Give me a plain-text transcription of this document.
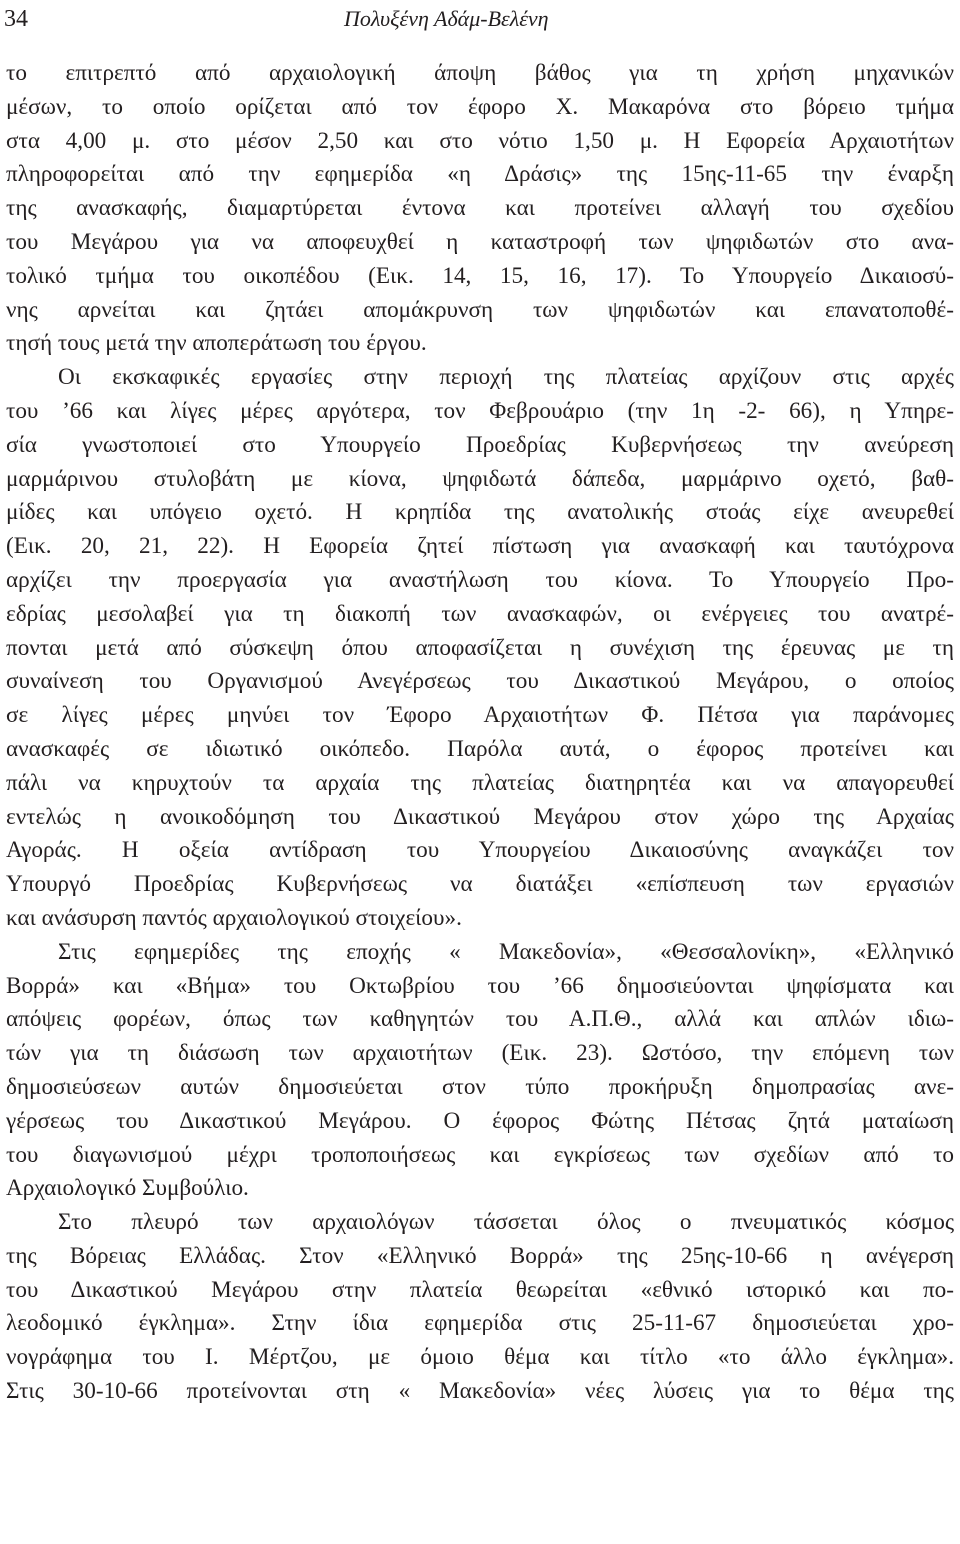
34	Πολυξένη Αδάμ-Βελένη
το επιτρεπτό από αρχαιολογική άποψη βάθος για τη χρήση μηχανικών
μέσων, το οποίο ορίζεται από τον έφορο Χ. Μακαρόνα στο βόρειο τμήμα
στα 4,00 μ. στο μέσον 2,50 και στο νότιο 1,50 μ. Η Εφορεία Αρχαιοτήτων
πληροφορείται από την εφημερίδα «η Δράσις» της 15ης-11-65 την έναρξη
της ανασκαφής, διαμαρτύρεται έντονα και προτείνει αλλαγή του σχεδίου
του Μεγάρου για να αποφευχθεί η καταστροφή των ψηφιδωτών στο ανα-
τολικό τμήμα του οικοπέδου (Εικ. 14, 15, 16, 17). Το Υπουργείο Δικαιοσύ-
νης αρνείται και ζητάει απομάκρυνση των ψηφιδωτών και επανατοποθέ-
τησή τους μετά την αποπεράτωση του έργου.
Οι εκσκαφικές εργασίες στην περιοχή της πλατείας αρχίζουν στις αρχές
του ’66 και λίγες μέρες αργότερα, τον Φεβρουάριο (την 1η -2- 66), η Υπηρε-
σία γνωστοποιεί στο Υπουργείο Προεδρίας Κυβερνήσεως την ανεύρεση
μαρμάρινου στυλοβάτη με κίονα, ψηφιδωτά δάπεδα, μαρμάρινο οχετό, βαθ-
μίδες και υπόγειο οχετό. Η κρηπίδα της ανατολικής στοάς είχε ανευρεθεί
(Εικ. 20, 21, 22). Η Εφορεία ζητεί πίστωση για ανασκαφή και ταυτόχρονα
αρχίζει την προεργασία για αναστήλωση του κίονα. Το Υπουργείο Προ-
εδρίας μεσολαβεί για τη διακοπή των ανασκαφών, οι ενέργειες του ανατρέ-
πονται μετά από σύσκεψη όπου αποφασίζεται η συνέχιση της έρευνας με τη
συναίνεση του Οργανισμού Ανεγέρσεως του Δικαστικού Μεγάρου, ο οποίος
σε λίγες μέρες μηνύει τον Έφορο Αρχαιοτήτων Φ. Πέτσα για παράνομες
ανασκαφές σε ιδιωτικό οικόπεδο. Παρόλα αυτά, ο έφορος προτείνει και
πάλι να κηρυχτούν τα αρχαία της πλατείας διατηρητέα και να απαγορευθεί
εντελώς η ανοικοδόμηση του Δικαστικού Μεγάρου στον χώρο της Αρχαίας
Αγοράς. Η οξεία αντίδραση του Υπουργείου Δικαιοσύνης αναγκάζει τον
Υπουργό Προεδρίας Κυβερνήσεως να διατάξει «επίσπευση των εργασιών
και ανάσυρση παντός αρχαιολογικού στοιχείου».
Στις εφημερίδες της εποχής « Μακεδονία», «Θεσσαλονίκη», «Ελληνικό
Βορρά» και «Βήμα» του Οκτωβρίου του ’66 δημοσιεύονται ψηφίσματα και
απόψεις φορέων, όπως των καθηγητών του Α.Π.Θ., αλλά και απλών ιδιω-
τών για τη διάσωση των αρχαιοτήτων (Εικ. 23). Ωστόσο, την επόμενη των
δημοσιεύσεων αυτών δημοσιεύεται στον τύπο προκήρυξη δημοπρασίας ανε-
γέρσεως του Δικαστικού Μεγάρου. Ο έφορος Φώτης Πέτσας ζητά ματαίωση
του διαγωνισμού μέχρι τροποποιήσεως και εγκρίσεως των σχεδίων από το
Αρχαιολογικό Συμβούλιο.
Στο πλευρό των αρχαιολόγων τάσσεται όλος ο πνευματικός κόσμος
της Βόρειας Ελλάδας. Στον «Ελληνικό Βορρά» της 25ης-10-66 η ανέγερση
του Δικαστικού Μεγάρου στην πλατεία θεωρείται «εθνικό ιστορικό και πο-
λεοδομικό έγκλημα». Στην ίδια εφημερίδα στις 25-11-67 δημοσιεύεται χρο-
νογράφημα του Ι. Μέρτζου, με όμοιο θέμα και τίτλο «το άλλο έγκλημα».
Στις 30-10-66 προτείνονται στη « Μακεδονία» νέες λύσεις για το θέμα της
